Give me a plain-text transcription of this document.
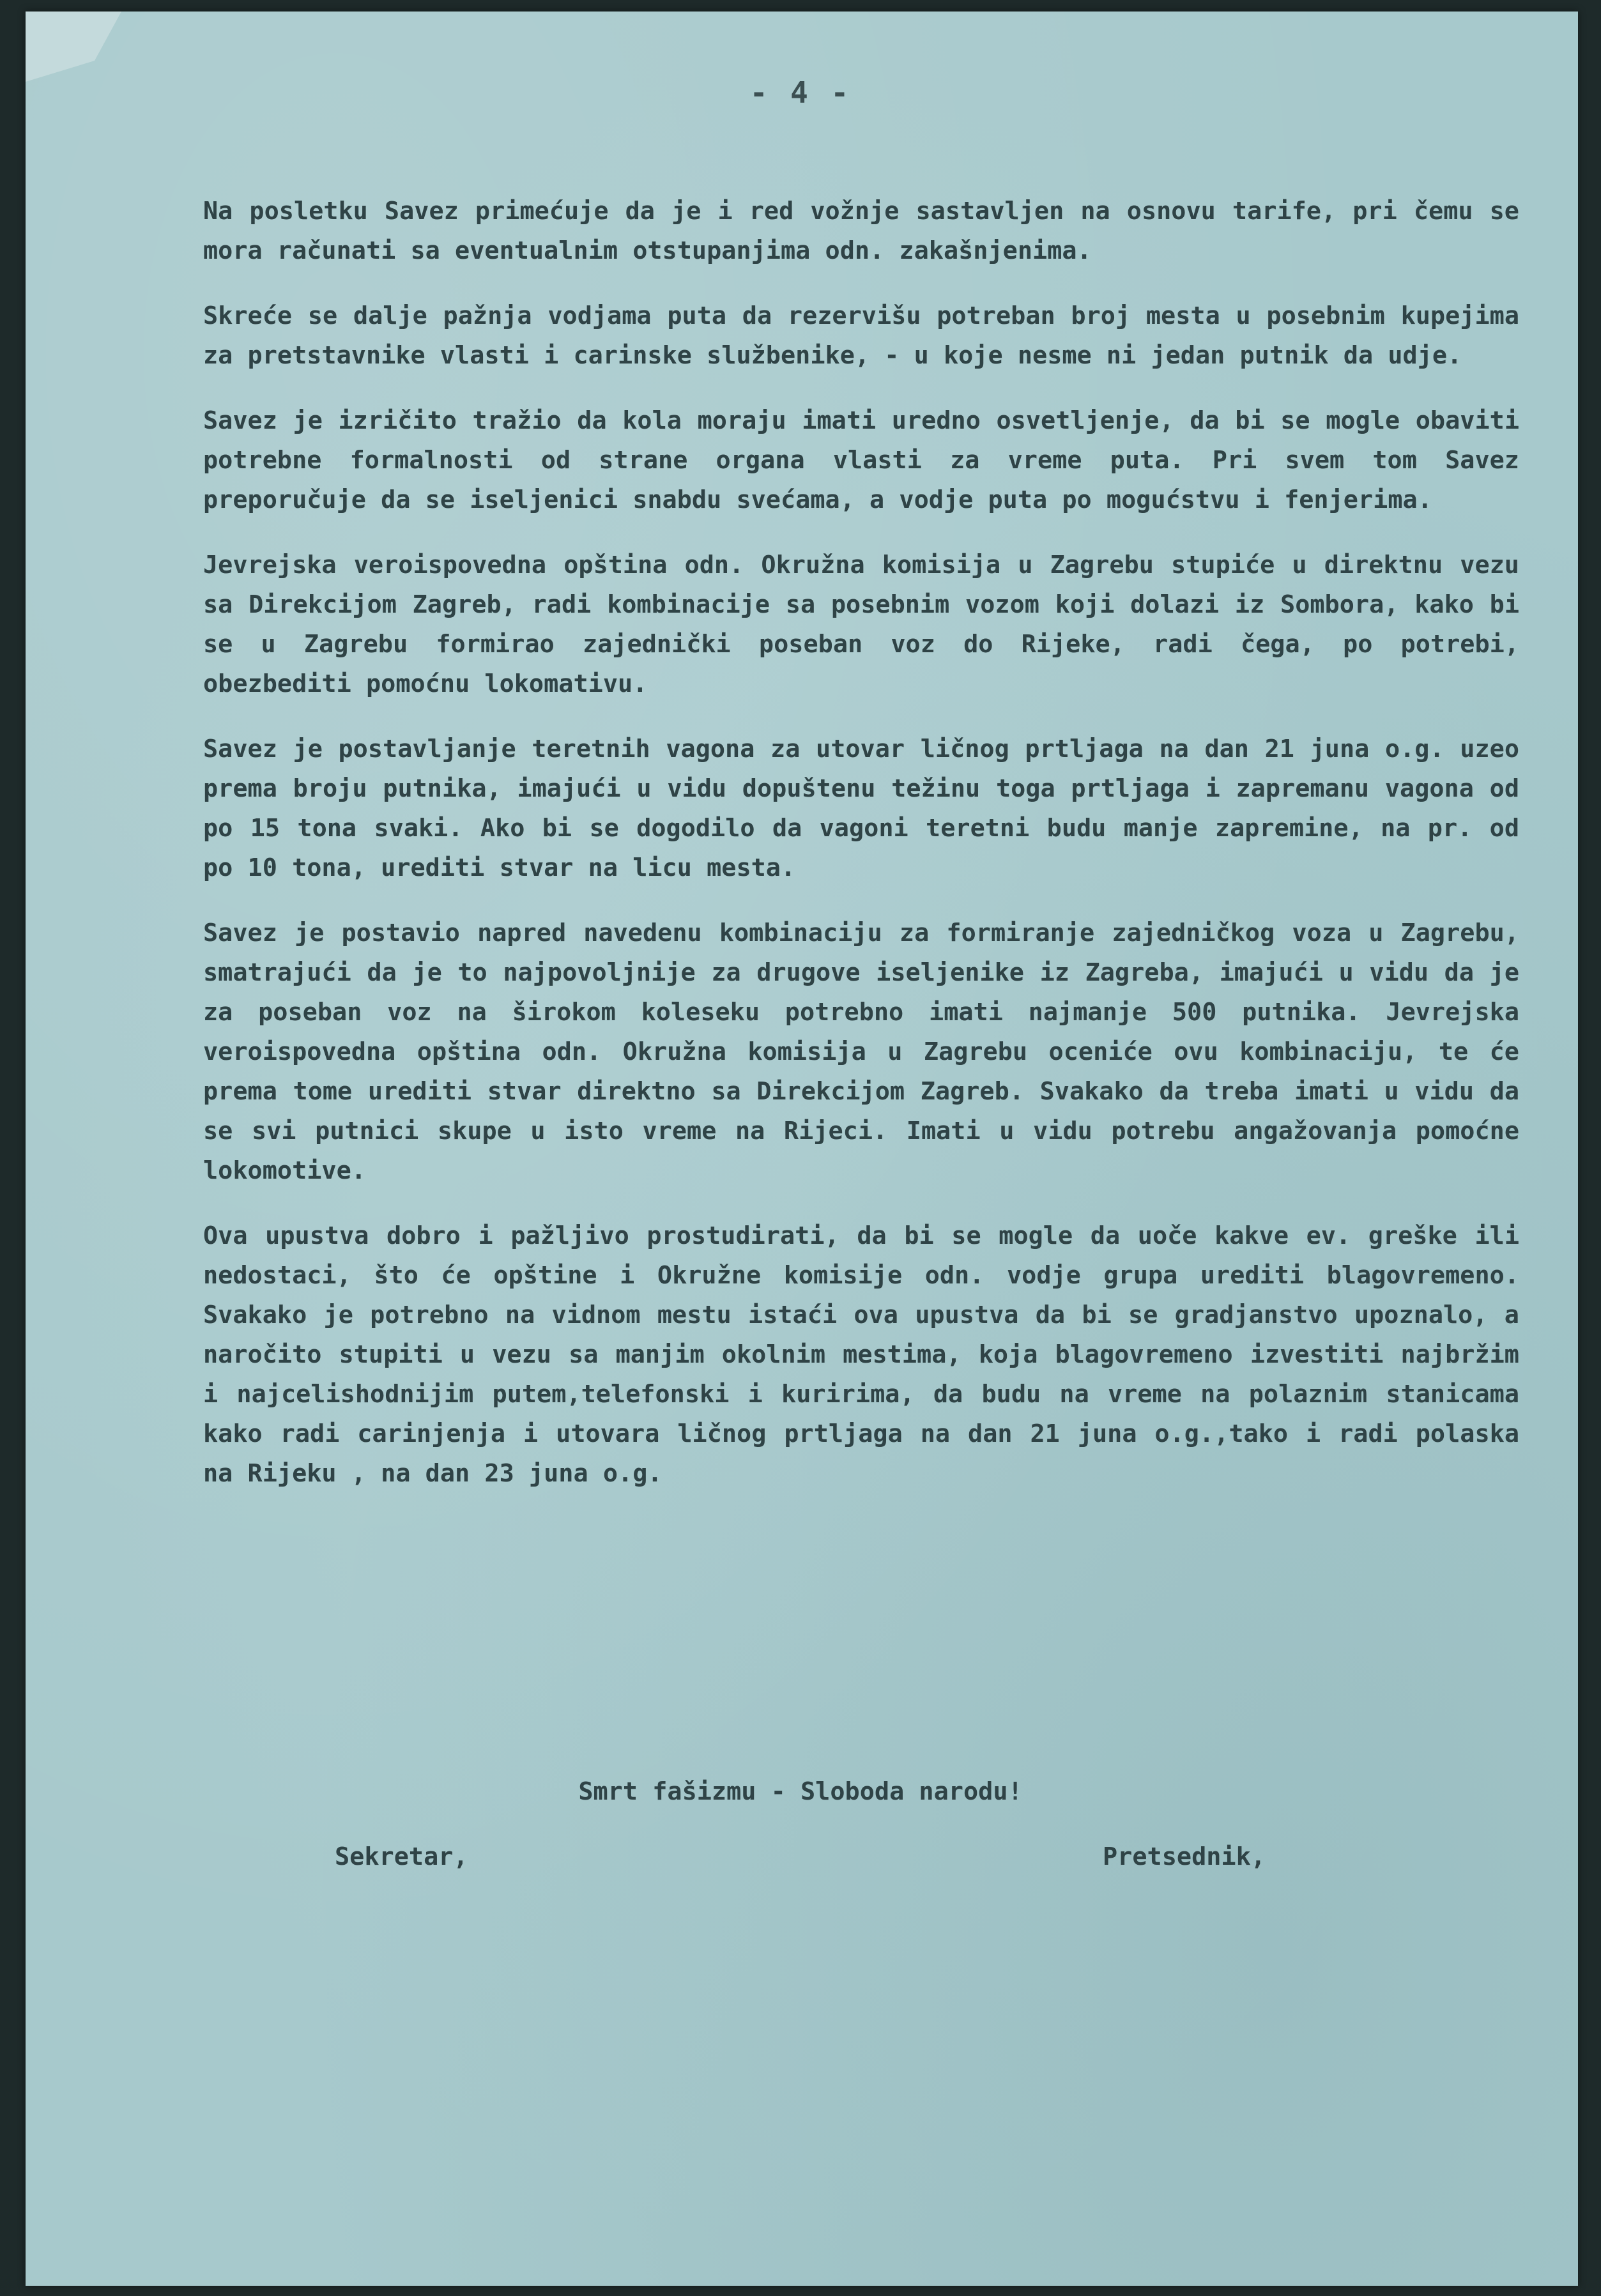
- 4 -

Na posletku Savez primećuje da je i red vožnje sastavljen na osnovu tarife, pri čemu se mora računati sa eventualnim otstupanjima odn. zakašnjenima.

Skreće se dalje pažnja vodjama puta da rezervišu potreban broj mesta u posebnim kupejima za pretstavnike vlasti i carinske službenike, - u koje nesme ni jedan putnik da udje.

Savez je izričito tražio da kola moraju imati uredno osvetljenje, da bi se mogle obaviti potrebne formalnosti od strane organa vlasti za vreme puta. Pri svem tom Savez preporučuje da se iseljenici snabdu svećama, a vodje puta po mogućstvu i fenjerima.

Jevrejska veroispovedna opština odn. Okružna komisija u Zagrebu stupiće u direktnu vezu sa Direkcijom Zagreb, radi kombinacije sa posebnim vozom koji dolazi iz Sombora, kako bi se u Zagrebu formirao zajednički poseban voz do Rijeke, radi čega, po potrebi, obezbediti pomoćnu lokomativu.

Savez je postavljanje teretnih vagona za utovar ličnog prtljaga na dan 21 juna o.g. uzeo prema broju putnika, imajući u vidu dopuštenu težinu toga prtljaga i zapremanu vagona od po 15 tona svaki. Ako bi se dogodilo da vagoni teretni budu manje zapremine, na pr. od po 10 tona, urediti stvar na licu mesta.

Savez je postavio napred navedenu kombinaciju za formiranje zajedničkog voza u Zagrebu, smatrajući da je to najpovoljnije za drugove iseljenike iz Zagreba, imajući u vidu da je za poseban voz na širokom koleseku potrebno imati najmanje 500 putnika. Jevrejska veroispovedna opština odn. Okružna komisija u Zagrebu oceniće ovu kombinaciju, te će prema tome urediti stvar direktno sa Direkcijom Zagreb. Svakako da treba imati u vidu da se svi putnici skupe u isto vreme na Rijeci. Imati u vidu potrebu angažovanja pomoćne lokomotive.

Ova upustva dobro i pažljivo prostudirati, da bi se mogle da uoče kakve ev. greške ili nedostaci, što će opštine i Okružne komisije odn. vodje grupa urediti blagovremeno. Svakako je potrebno na vidnom mestu istaći ova upustva da bi se gradjanstvo upoznalo, a naročito stupiti u vezu sa manjim okolnim mestima, koja blagovremeno izvestiti najbržim i najcelishodnijim putem,telefonski i kuririma, da budu na vreme na polaznim stanicama kako radi carinjenja i utovara ličnog prtljaga na dan 21 juna o.g.,tako i radi polaska na Rijeku , na dan 23 juna o.g.

Smrt fašizmu - Sloboda narodu!
Sekretar,	Pretsednik,
